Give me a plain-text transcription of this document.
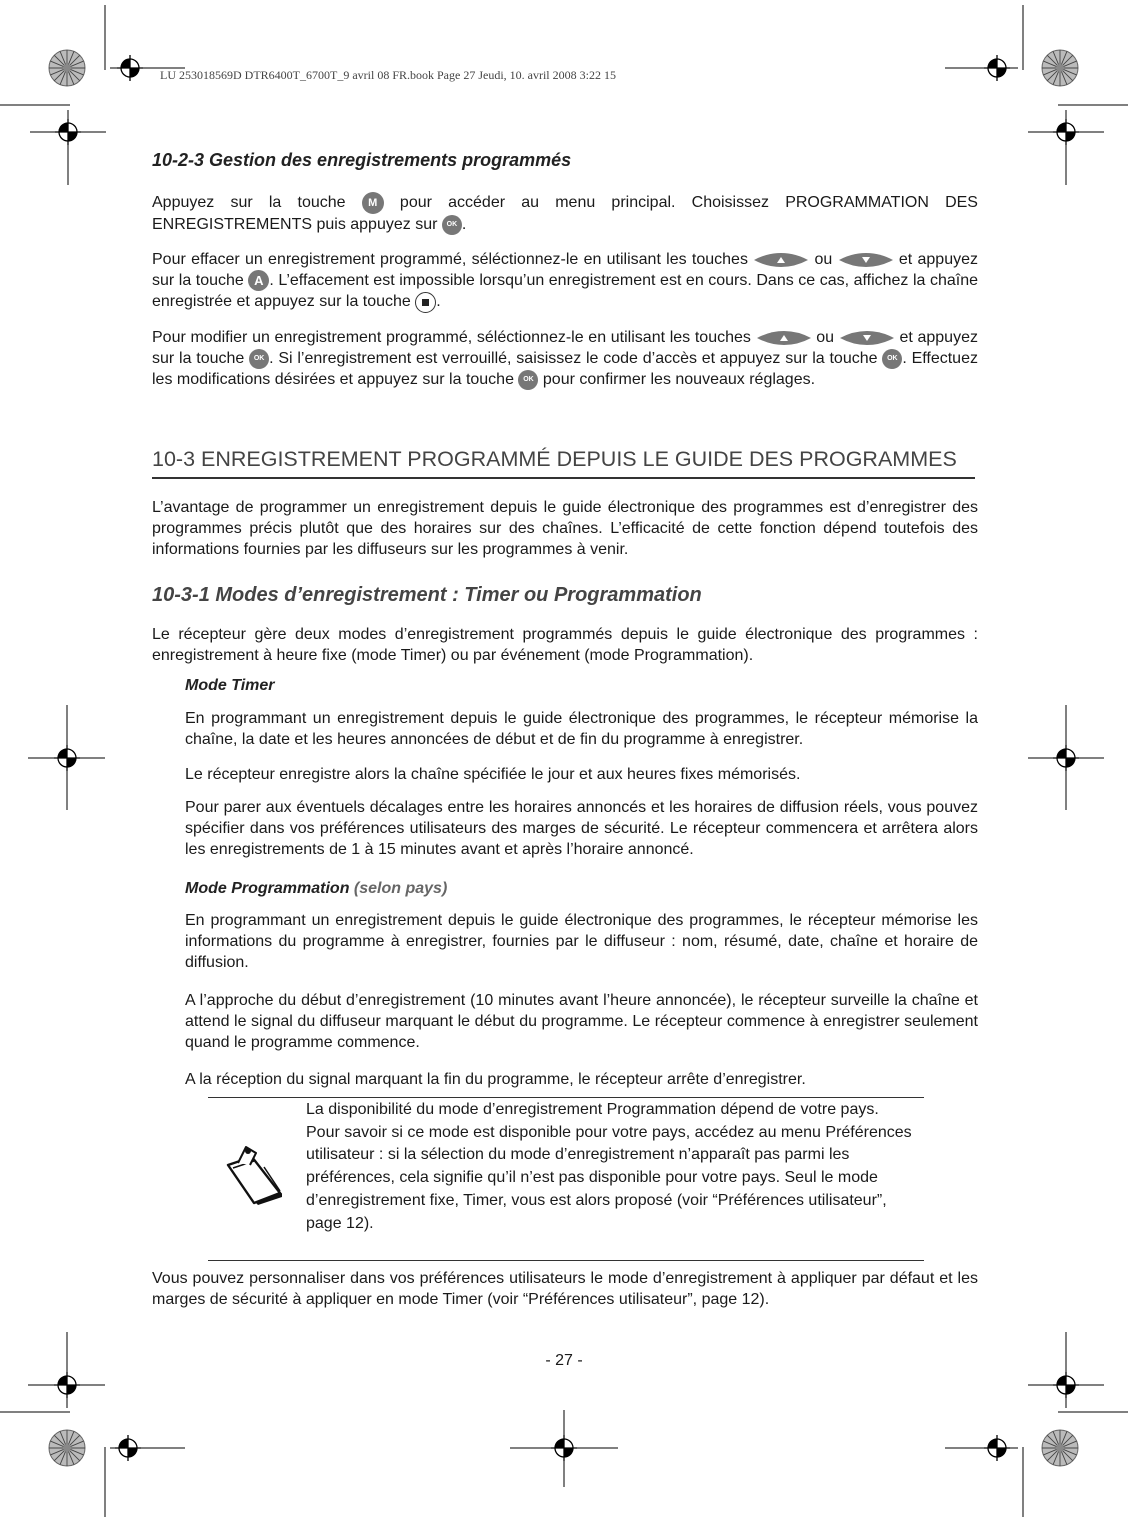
LU 253018569D DTR6400T_6700T_9 avril 08 FR.book Page 27 Jeudi, 10. avril 2008 3:22 15
10-2-3 Gestion des enregistrements programmés

Appuyez sur la touche M pour accéder au menu principal. Choisissez PROGRAMMATION DES ENREGISTREMENTS puis appuyez sur OK .

Pour effacer un enregistrement programmé, séléctionnez-le en utilisant les touches	ou	et appuyez sur la touche A . L’effacement est impossible lorsqu’un enregistrement est en cours. Dans ce cas, affichez la chaîne enregistrée et appuyez sur la touche .

Pour modifier un enregistrement programmé, séléctionnez-le en utilisant les touches	ou	et appuyez sur la touche OK . Si l’enregistrement est verrouillé, saisissez le code d’accès et appuyez sur la touche OK . Effectuez les modifications désirées et appuyez sur la touche OK pour confirmer les nouveaux réglages.

10-3 ENREGISTREMENT PROGRAMMÉ DEPUIS LE GUIDE DES PROGRAMMES

L’avantage de programmer un enregistrement depuis le guide électronique des programmes est d’enregistrer des programmes précis plutôt que des horaires sur des chaînes. L’efficacité de cette fonction dépend toutefois des informations fournies par les diffuseurs sur les programmes à venir.

10-3-1 Modes d’enregistrement : Timer ou Programmation

Le récepteur gère deux modes d’enregistrement programmés depuis le guide électronique des programmes : enregistrement à heure fixe (mode Timer) ou par événement (mode Programmation).

Mode Timer

En programmant un enregistrement depuis le guide électronique des programmes, le récepteur mémorise la chaîne, la date et les heures annoncées de début et de fin du programme à enregistrer.

Le récepteur enregistre alors la chaîne spécifiée le jour et aux heures fixes mémorisés.

Pour parer aux éventuels décalages entre les horaires annoncés et les horaires de diffusion réels, vous pouvez spécifier dans vos préférences utilisateurs des marges de sécurité. Le récepteur commencera et arrêtera alors les enregistrements de 1 à 15 minutes avant et après l’horaire annoncé.

Mode Programmation (selon pays)

En programmant un enregistrement depuis le guide électronique des programmes, le récepteur mémorise les informations du programme à enregistrer, fournies par le diffuseur : nom, résumé, date, chaîne et horaire de diffusion.

A l’approche du début d’enregistrement (10 minutes avant l’heure annoncée), le récepteur surveille la chaîne et attend le signal du diffuseur marquant le début du programme. Le récepteur commence à enregistrer seulement quand le programme commence.

A la réception du signal marquant la fin du programme, le récepteur arrête d’enregistrer.

La disponibilité du mode d’enregistrement Programmation dépend de votre pays. Pour savoir si ce mode est disponible pour votre pays, accédez au menu Préférences utilisateur : si la sélection du mode d’enregistrement n’apparaît pas parmi les préférences, cela signifie qu’il n’est pas disponible pour votre pays. Seul le mode d’enregistrement fixe, Timer, vous est alors proposé (voir “Préférences utilisateur”, page 12).

Vous pouvez personnaliser dans vos préférences utilisateurs le mode d’enregistrement à appliquer par défaut et les marges de sécurité à appliquer en mode Timer (voir “Préférences utilisateur”, page 12).

- 27 -
